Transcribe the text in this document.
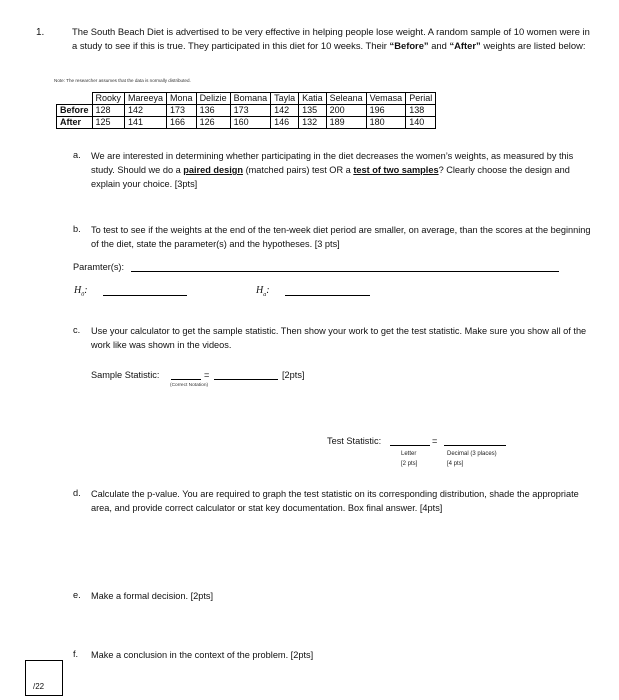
1.	The South Beach Diet is advertised to be very effective in helping people lose weight. A random sample of 10 women were in a study to see if this is true. They participated in this diet for 10 weeks. Their “Before” and “After” weights are listed below:
Note: The researcher assumes that the data is normally distributed.
	Rooky	Mareeya	Mona	Delizie	Bomana	Tayla	Katia	Seleana	Vemasa	Perial
Before	128	142	173	136	173	142	135	200	196	138
After	125	141	166	126	160	146	132	189	180	140
a. We are interested in determining whether participating in the diet decreases the women’s weights, as measured by this study. Should we do a paired design (matched pairs) test OR a test of two samples? Clearly choose the design and explain your choice. [3pts]
b. To test to see if the weights at the end of the ten-week diet period are smaller, on average, than the scores at the beginning of the diet, state the parameter(s) and the hypotheses. [3 pts]
Paramter(s):
$H_0$:	$H_a$:
c. Use your calculator to get the sample statistic. Then show your work to get the test statistic. Make sure you show all of the work like was shown in the videos.
Sample Statistic:	=	[2pts]
(Correct Notation)
Test Statistic:	=
Letter
[2 pts]
Decimal (3 places)
[4 pts]
d. Calculate the p-value. You are required to graph the test statistic on its corresponding distribution, shade the appropriate area, and provide correct calculator or stat key documentation. Box final answer. [4pts]
e. Make a formal decision. [2pts]
f. Make a conclusion in the context of the problem. [2pts]
/22
